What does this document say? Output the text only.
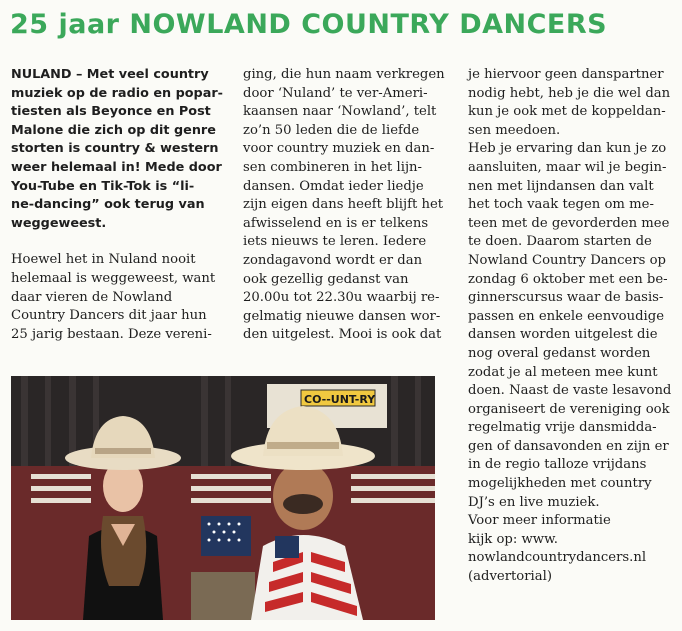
25 jaar NOWLAND COUNTRY DANCERS

NULAND – Met veel country

muziek op de radio en popar-

tiesten als Beyonce en Post

Malone die zich op dit genre

storten is country & western

weer helemaal in! Mede door

You-Tube en Tik-Tok is “li-

ne-dancing” ook terug van

weggeweest.

Hoewel het in Nuland nooit

helemaal is weggeweest, want

daar vieren de Nowland

Country Dancers dit jaar hun

25 jarig bestaan. Deze vereni-

ging, die hun naam verkregen

door ‘Nuland’ te ver-Ameri-

kaansen naar ‘Nowland’, telt

zo’n 50 leden die de liefde

voor country muziek en dan-

sen combineren in het lijn-

dansen. Omdat ieder liedje

zijn eigen dans heeft blijft het

afwisselend en is er telkens

iets nieuws te leren. Iedere

zondagavond wordt er dan

ook gezellig gedanst van

20.00u tot 22.30u waarbij re-

gelmatig nieuwe dansen wor-

den uitgelest. Mooi is ook dat

je hiervoor geen danspartner

nodig hebt, heb je die wel dan

kun je ook met de koppeldan-

sen meedoen.

Heb je ervaring dan kun je zo

aansluiten, maar wil je begin-

nen met lijndansen dan valt

het toch vaak tegen om me-

teen met de gevorderden mee

te doen. Daarom starten de

Nowland Country Dancers op

zondag 6 oktober met een be-

ginnerscursus waar de basis-

passen en enkele eenvoudige

dansen worden uitgelest die

nog overal gedanst worden

zodat je al meteen mee kunt

doen. Naast de vaste lesavond

organiseert de vereniging ook

regelmatig vrije dansmidda-

gen of dansavonden en zijn er

in de regio talloze vrijdans

mogelijkheden met country

DJ’s en live muziek.

Voor meer informatie

kijk op: www.

nowlandcountrydancers.nl

(advertorial)

CO--UNT-RY
